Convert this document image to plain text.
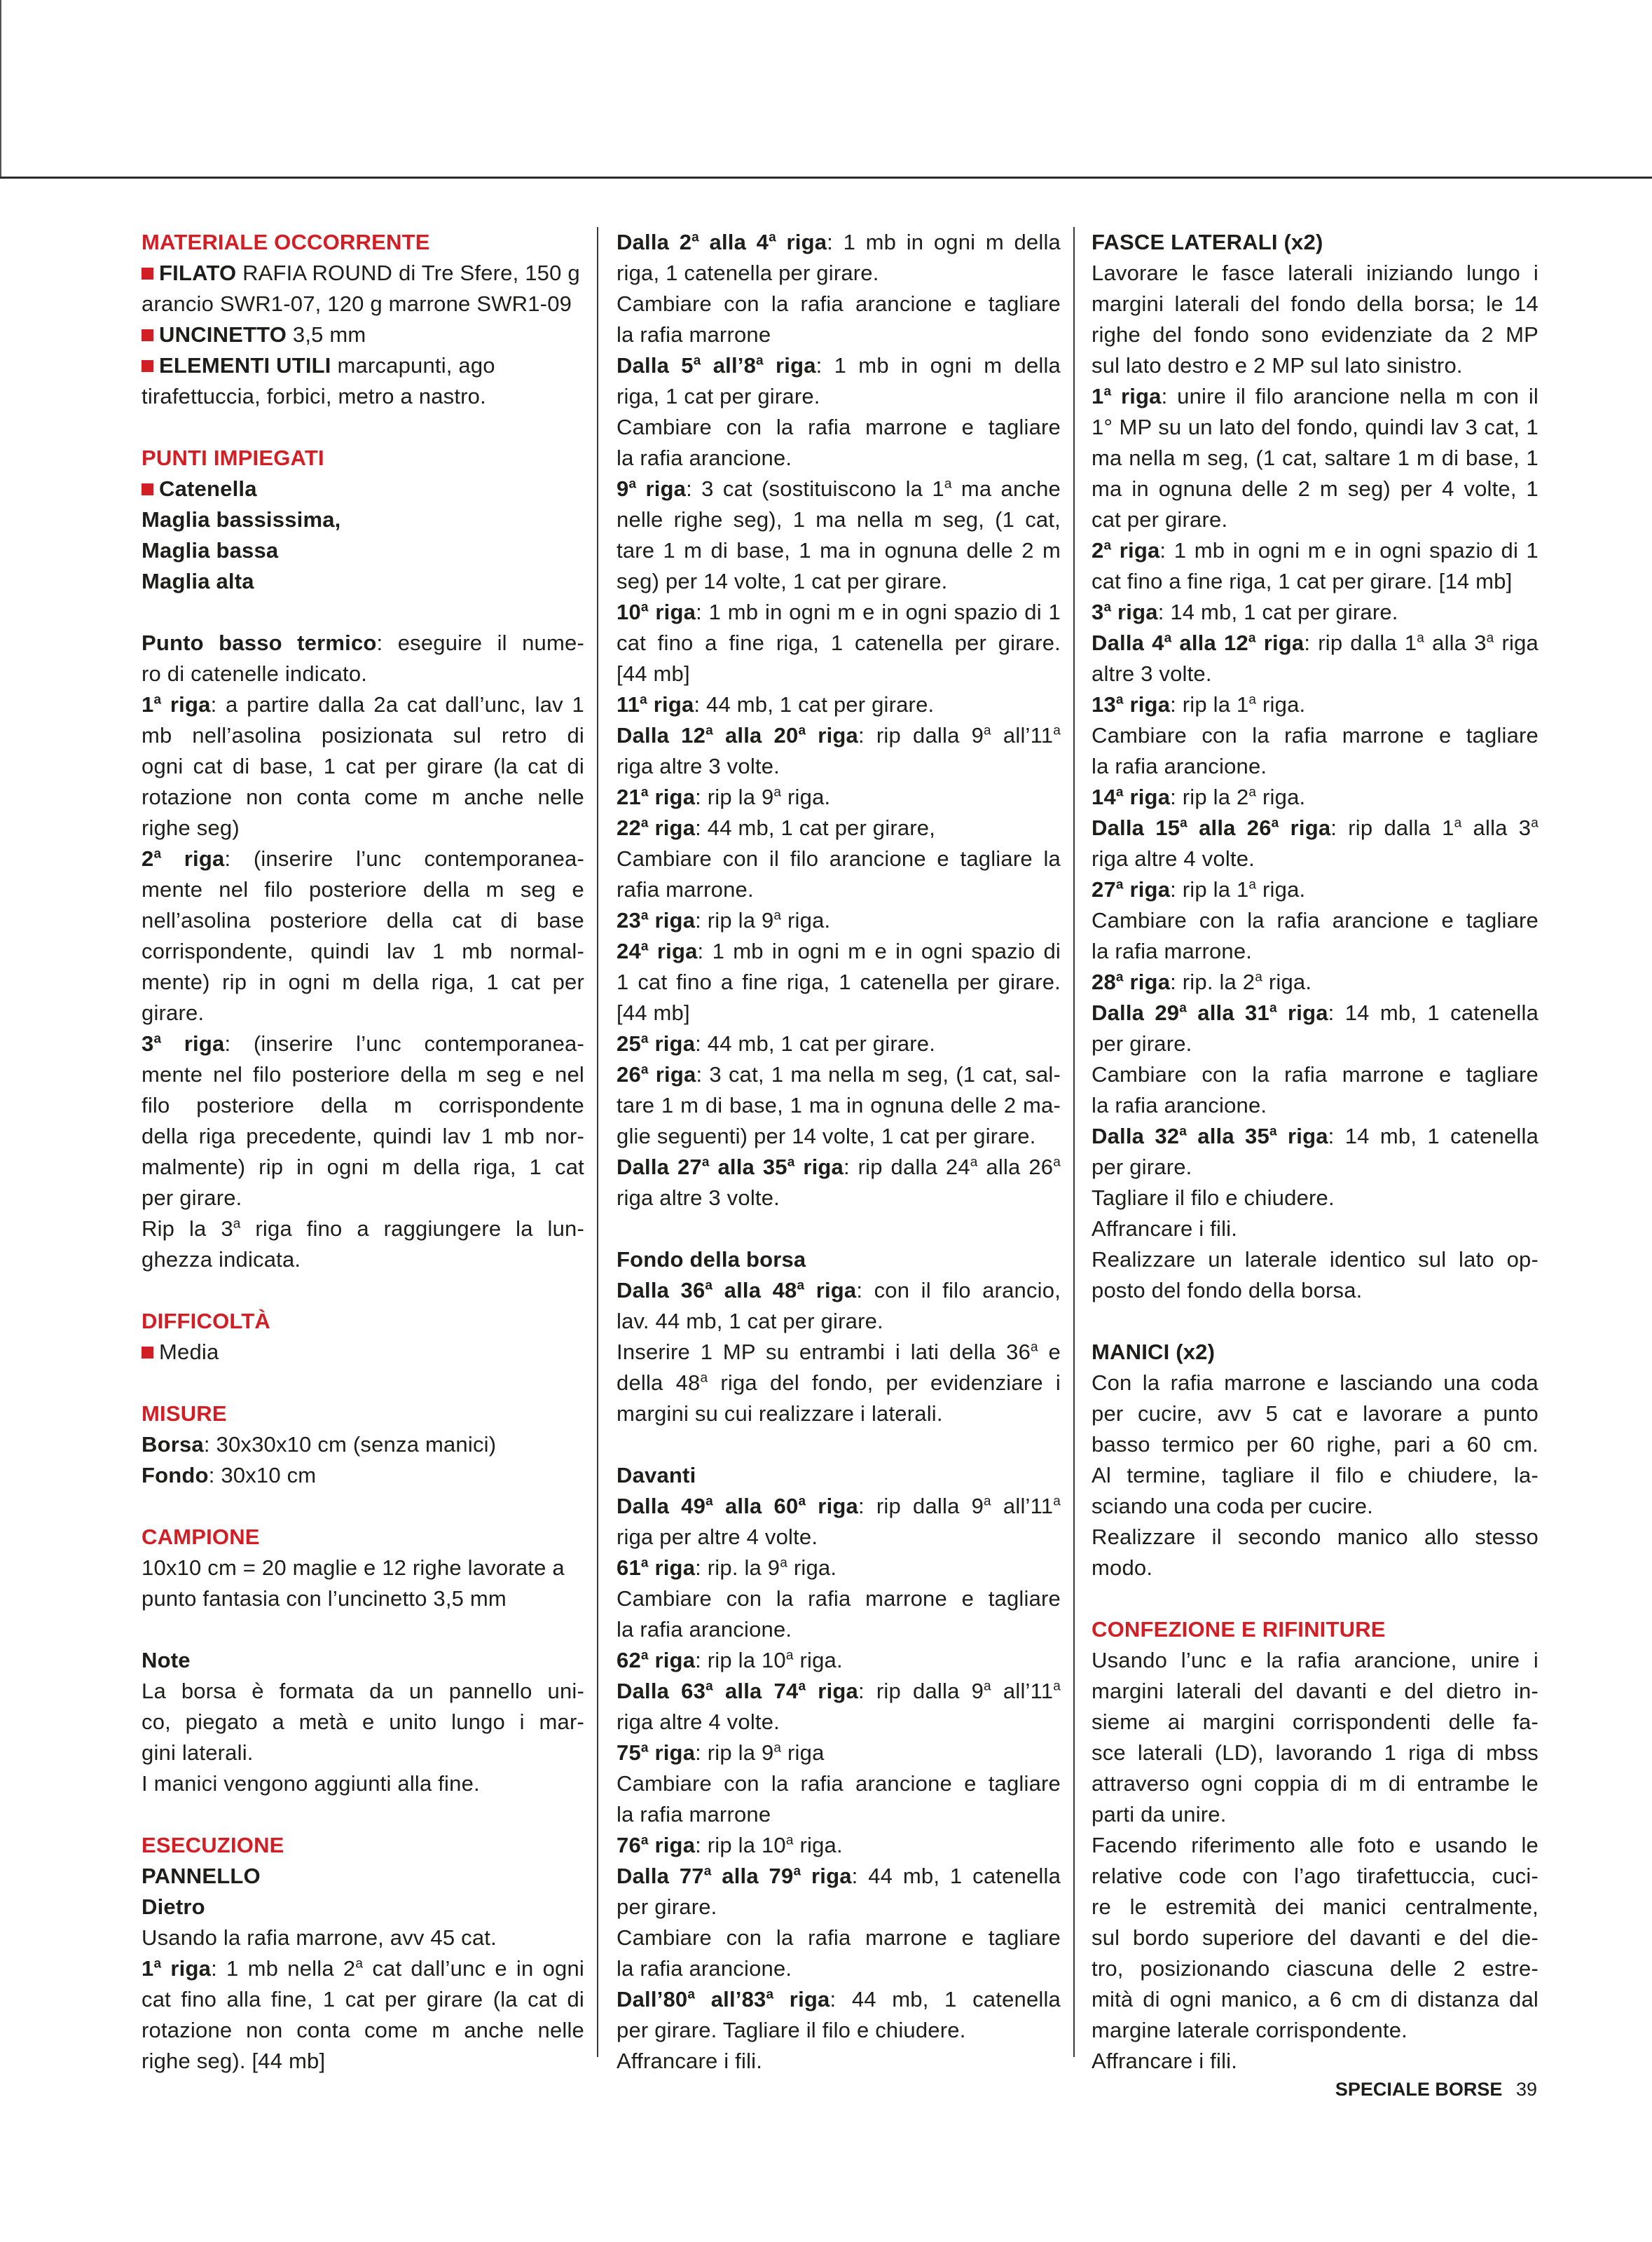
MATERIALE OCCORRENTE
FILATO RAFIA ROUND di Tre Sfere, 150 g
arancio SWR1-07, 120 g marrone SWR1-09
UNCINETTO 3,5 mm
ELEMENTI UTILI marcapunti, ago
tirafettuccia, forbici, metro a nastro.
PUNTI IMPIEGATI
Catenella
Maglia bassissima,
Maglia bassa
Maglia alta
Punto basso termico: eseguire il nume-
ro di catenelle indicato.
1$^a$ riga: a partire dalla 2a cat dall’unc, lav 1
mb nell’asolina posizionata sul retro di
ogni cat di base, 1 cat per girare (la cat di
rotazione non conta come m anche nelle
righe seg)
2$^a$ riga: (inserire l’unc contemporanea-
mente nel filo posteriore della m seg e
nell’asolina posteriore della cat di base
corrispondente, quindi lav 1 mb normal-
mente) rip in ogni m della riga, 1 cat per
girare.
3$^a$ riga: (inserire l’unc contemporanea-
mente nel filo posteriore della m seg e nel
filo posteriore della m corrispondente
della riga precedente, quindi lav 1 mb nor-
malmente) rip in ogni m della riga, 1 cat
per girare.
Rip la 3$^a$ riga fino a raggiungere la lun-
ghezza indicata.
DIFFICOLTÀ
Media
MISURE
Borsa: 30x30x10 cm (senza manici)
Fondo: 30x10 cm
CAMPIONE
10x10 cm = 20 maglie e 12 righe lavorate a
punto fantasia con l’uncinetto 3,5 mm
Note
La borsa è formata da un pannello uni-
co, piegato a metà e unito lungo i mar-
gini laterali.
I manici vengono aggiunti alla fine.
ESECUZIONE
PANNELLO
Dietro
Usando la rafia marrone, avv 45 cat.
1$^a$ riga: 1 mb nella 2$^a$ cat dall’unc e in ogni
cat fino alla fine, 1 cat per girare (la cat di
rotazione non conta come m anche nelle
righe seg). [44 mb]
Dalla 2$^a$ alla 4$^a$ riga: 1 mb in ogni m della
riga, 1 catenella per girare.
Cambiare con la rafia arancione e tagliare
la rafia marrone
Dalla 5$^a$ all’8$^a$ riga: 1 mb in ogni m della
riga, 1 cat per girare.
Cambiare con la rafia marrone e tagliare
la rafia arancione.
9$^a$ riga: 3 cat (sostituiscono la 1$^a$ ma anche
nelle righe seg), 1 ma nella m seg, (1 cat,
tare 1 m di base, 1 ma in ognuna delle 2 m
seg) per 14 volte, 1 cat per girare.
10$^a$ riga: 1 mb in ogni m e in ogni spazio di 1
cat fino a fine riga, 1 catenella per girare.
[44 mb]
11$^a$ riga: 44 mb, 1 cat per girare.
Dalla 12$^a$ alla 20$^a$ riga: rip dalla 9$^a$ all’11$^a$
riga altre 3 volte.
21$^a$ riga: rip la 9$^a$ riga.
22$^a$ riga: 44 mb, 1 cat per girare,
Cambiare con il filo arancione e tagliare la
rafia marrone.
23$^a$ riga: rip la 9$^a$ riga.
24$^a$ riga: 1 mb in ogni m e in ogni spazio di
1 cat fino a fine riga, 1 catenella per girare.
[44 mb]
25$^a$ riga: 44 mb, 1 cat per girare.
26$^a$ riga: 3 cat, 1 ma nella m seg, (1 cat, sal-
tare 1 m di base, 1 ma in ognuna delle 2 ma-
glie seguenti) per 14 volte, 1 cat per girare.
Dalla 27$^a$ alla 35$^a$ riga: rip dalla 24$^a$ alla 26$^a$
riga altre 3 volte.
Fondo della borsa
Dalla 36$^a$ alla 48$^a$ riga: con il filo arancio,
lav. 44 mb, 1 cat per girare.
Inserire 1 MP su entrambi i lati della 36$^a$ e
della 48$^a$ riga del fondo, per evidenziare i
margini su cui realizzare i laterali.
Davanti
Dalla 49$^a$ alla 60$^a$ riga: rip dalla 9$^a$ all’11$^a$
riga per altre 4 volte.
61$^a$ riga: rip. la 9$^a$ riga.
Cambiare con la rafia marrone e tagliare
la rafia arancione.
62$^a$ riga: rip la 10$^a$ riga.
Dalla 63$^a$ alla 74$^a$ riga: rip dalla 9$^a$ all’11$^a$
riga altre 4 volte.
75$^a$ riga: rip la 9$^a$ riga
Cambiare con la rafia arancione e tagliare
la rafia marrone
76$^a$ riga: rip la 10$^a$ riga.
Dalla 77$^a$ alla 79$^a$ riga: 44 mb, 1 catenella
per girare.
Cambiare con la rafia marrone e tagliare
la rafia arancione.
Dall’80$^a$ all’83$^a$ riga: 44 mb, 1 catenella
per girare. Tagliare il filo e chiudere.
Affrancare i fili.
FASCE LATERALI (x2)
Lavorare le fasce laterali iniziando lungo i
margini laterali del fondo della borsa; le 14
righe del fondo sono evidenziate da 2 MP
sul lato destro e 2 MP sul lato sinistro.
1$^a$ riga: unire il filo arancione nella m con il
1° MP su un lato del fondo, quindi lav 3 cat, 1
ma nella m seg, (1 cat, saltare 1 m di base, 1
ma in ognuna delle 2 m seg) per 4 volte, 1
cat per girare.
2$^a$ riga: 1 mb in ogni m e in ogni spazio di 1
cat fino a fine riga, 1 cat per girare. [14 mb]
3$^a$ riga: 14 mb, 1 cat per girare.
Dalla 4$^a$ alla 12$^a$ riga: rip dalla 1$^a$ alla 3$^a$ riga
altre 3 volte.
13$^a$ riga: rip la 1$^a$ riga.
Cambiare con la rafia marrone e tagliare
la rafia arancione.
14$^a$ riga: rip la 2$^a$ riga.
Dalla 15$^a$ alla 26$^a$ riga: rip dalla 1$^a$ alla 3$^a$
riga altre 4 volte.
27$^a$ riga: rip la 1$^a$ riga.
Cambiare con la rafia arancione e tagliare
la rafia marrone.
28$^a$ riga: rip. la 2$^a$ riga.
Dalla 29$^a$ alla 31$^a$ riga: 14 mb, 1 catenella
per girare.
Cambiare con la rafia marrone e tagliare
la rafia arancione.
Dalla 32$^a$ alla 35$^a$ riga: 14 mb, 1 catenella
per girare.
Tagliare il filo e chiudere.
Affrancare i fili.
Realizzare un laterale identico sul lato op-
posto del fondo della borsa.
MANICI (x2)
Con la rafia marrone e lasciando una coda
per cucire, avv 5 cat e lavorare a punto
basso termico per 60 righe, pari a 60 cm.
Al termine, tagliare il filo e chiudere, la-
sciando una coda per cucire.
Realizzare il secondo manico allo stesso
modo.
CONFEZIONE E RIFINITURE
Usando l’unc e la rafia arancione, unire i
margini laterali del davanti e del dietro in-
sieme ai margini corrispondenti delle fa-
sce laterali (LD), lavorando 1 riga di mbss
attraverso ogni coppia di m di entrambe le
parti da unire.
Facendo riferimento alle foto e usando le
relative code con l’ago tirafettuccia, cuci-
re le estremità dei manici centralmente,
sul bordo superiore del davanti e del die-
tro, posizionando ciascuna delle 2 estre-
mità di ogni manico, a 6 cm di distanza dal
margine laterale corrispondente.
Affrancare i fili.
SPECIALE BORSE 39
